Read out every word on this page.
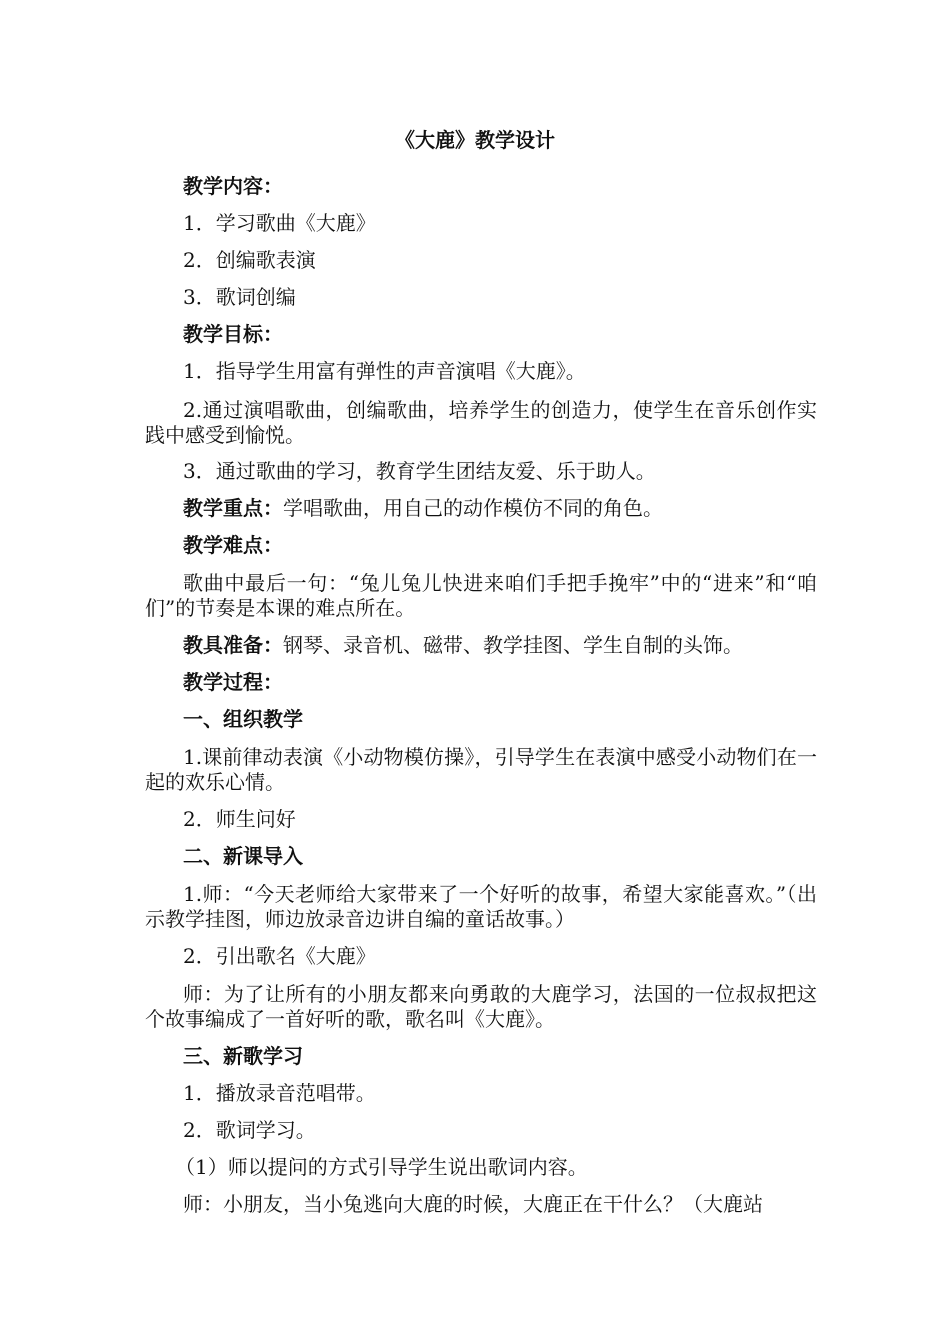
《大鹿》教学设计
教学内容：
1．学习歌曲《大鹿》
2．创编歌表演
3．歌词创编
教学目标：
1．指导学生用富有弹性的声音演唱《大鹿》。
2.通过演唱歌曲，创编歌曲，培养学生的创造力，使学生在音乐创作实践中感受到愉悦。
3．通过歌曲的学习，教育学生团结友爱、乐于助人。
教学重点：学唱歌曲，用自己的动作模仿不同的角色。
教学难点：
歌曲中最后一句：“兔儿兔儿快进来咱们手把手挽牢”中的“进来”和“咱们”的节奏是本课的难点所在。
教具准备：钢琴、录音机、磁带、教学挂图、学生自制的头饰。
教学过程：
一、组织教学
1.课前律动表演《小动物模仿操》，引导学生在表演中感受小动物们在一起的欢乐心情。
2．师生问好
二、新课导入
1.师：“今天老师给大家带来了一个好听的故事，希望大家能喜欢。”（出示教学挂图，师边放录音边讲自编的童话故事。）
2．引出歌名《大鹿》
师：为了让所有的小朋友都来向勇敢的大鹿学习，法国的一位叔叔把这个故事编成了一首好听的歌，歌名叫《大鹿》。
三、新歌学习
1．播放录音范唱带。
2．歌词学习。
（1）师以提问的方式引导学生说出歌词内容。
师：小朋友，当小兔逃向大鹿的时候，大鹿正在干什么？（大鹿站
